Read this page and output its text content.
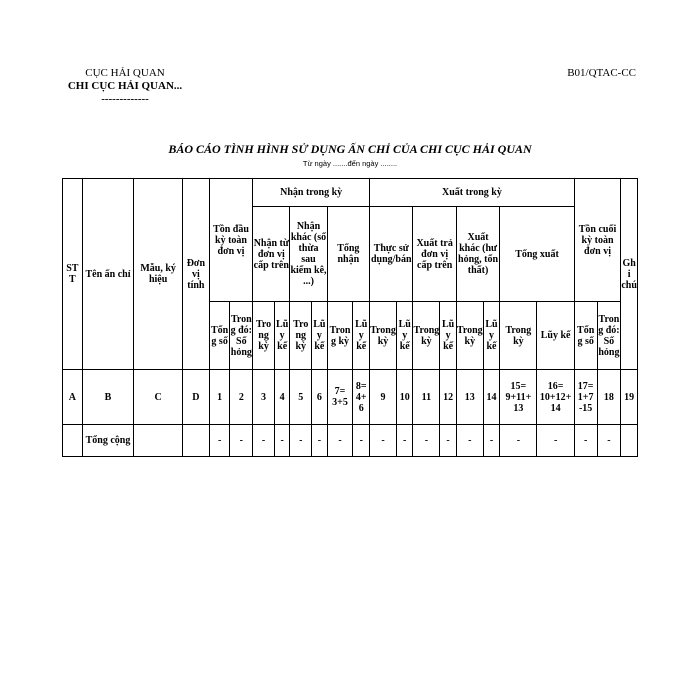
CỤC HẢI QUAN
CHI CỤC HẢI QUAN...
-------------
B01/QTAC-CC
BÁO CÁO TÌNH HÌNH SỬ DỤNG ẤN CHỈ CỦA CHI CỤC HẢI QUAN
Từ ngày .......đến ngày ........
STT	Tên ấn chỉ	Mẫu, ký hiệu	Đơn vị tính	Tồn đầu kỳ toàn đơn vị		Nhận trong kỳ						Xuất trong kỳ								Tồn cuối kỳ toàn đơn vị		Ghi chú
						Nhận từ đơn vị cấp trên		Nhận khác (số thừa sau kiểm kê, ...)		Tổng nhận		Thực sử dụng/bán		Xuất trả đơn vị cấp trên		Xuất khác (hư hỏng, tổn thất)		Tổng xuất				
				Tổng số	Trong đó: Số hỏng	Trong kỳ	Lũy kế	Trong kỳ	Lũy kế	Trong kỳ	Lũy kế	Trong kỳ	Lũy kế	Trong kỳ	Lũy kế	Trong kỳ	Lũy kế	Trong kỳ	Lũy kế	Tổng số	Trong đó: Số hỏng	
A	B	C	D	1	2	3	4	5	6	7= 3+5	8= 4+ 6	9	10	11	12	13	14	15= 9+11+ 13	16= 10+12+ 14	17= 1+7 -15	18	19
	Tổng cộng			-	-	-	-	-	-	-	-	-	-	-	-	-	-	-	-	-	-	
